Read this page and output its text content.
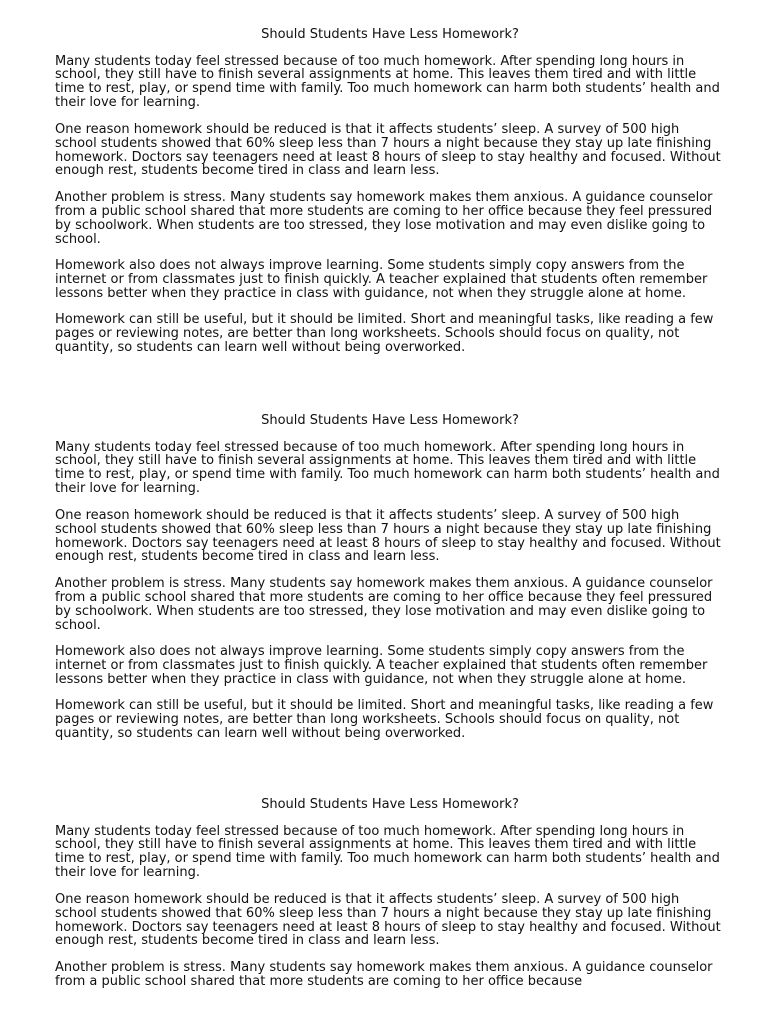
Should Students Have Less Homework?

Many students today feel stressed because of too much homework. After spending long hours in school, they still have to finish several assignments at home. This leaves them tired and with little time to rest, play, or spend time with family. Too much homework can harm both students’ health and their love for learning.

One reason homework should be reduced is that it affects students’ sleep. A survey of 500 high school students showed that 60% sleep less than 7 hours a night because they stay up late finishing homework. Doctors say teenagers need at least 8 hours of sleep to stay healthy and focused. Without enough rest, students become tired in class and learn less.

Another problem is stress. Many students say homework makes them anxious. A guidance counselor from a public school shared that more students are coming to her office because they feel pressured by schoolwork. When students are too stressed, they lose motivation and may even dislike going to school.

Homework also does not always improve learning. Some students simply copy answers from the internet or from classmates just to finish quickly. A teacher explained that students often remember lessons better when they practice in class with guidance, not when they struggle alone at home.

Homework can still be useful, but it should be limited. Short and meaningful tasks, like reading a few pages or reviewing notes, are better than long worksheets. Schools should focus on quality, not quantity, so students can learn well without being overworked.

Should Students Have Less Homework?

Many students today feel stressed because of too much homework. After spending long hours in school, they still have to finish several assignments at home. This leaves them tired and with little time to rest, play, or spend time with family. Too much homework can harm both students’ health and their love for learning.

One reason homework should be reduced is that it affects students’ sleep. A survey of 500 high school students showed that 60% sleep less than 7 hours a night because they stay up late finishing homework. Doctors say teenagers need at least 8 hours of sleep to stay healthy and focused. Without enough rest, students become tired in class and learn less.

Another problem is stress. Many students say homework makes them anxious. A guidance counselor from a public school shared that more students are coming to her office because they feel pressured by schoolwork. When students are too stressed, they lose motivation and may even dislike going to school.

Homework also does not always improve learning. Some students simply copy answers from the internet or from classmates just to finish quickly. A teacher explained that students often remember lessons better when they practice in class with guidance, not when they struggle alone at home.

Homework can still be useful, but it should be limited. Short and meaningful tasks, like reading a few pages or reviewing notes, are better than long worksheets. Schools should focus on quality, not quantity, so students can learn well without being overworked.

Should Students Have Less Homework?

Many students today feel stressed because of too much homework. After spending long hours in school, they still have to finish several assignments at home. This leaves them tired and with little time to rest, play, or spend time with family. Too much homework can harm both students’ health and their love for learning.

One reason homework should be reduced is that it affects students’ sleep. A survey of 500 high school students showed that 60% sleep less than 7 hours a night because they stay up late finishing homework. Doctors say teenagers need at least 8 hours of sleep to stay healthy and focused. Without enough rest, students become tired in class and learn less.

Another problem is stress. Many students say homework makes them anxious. A guidance counselor from a public school shared that more students are coming to her office because
